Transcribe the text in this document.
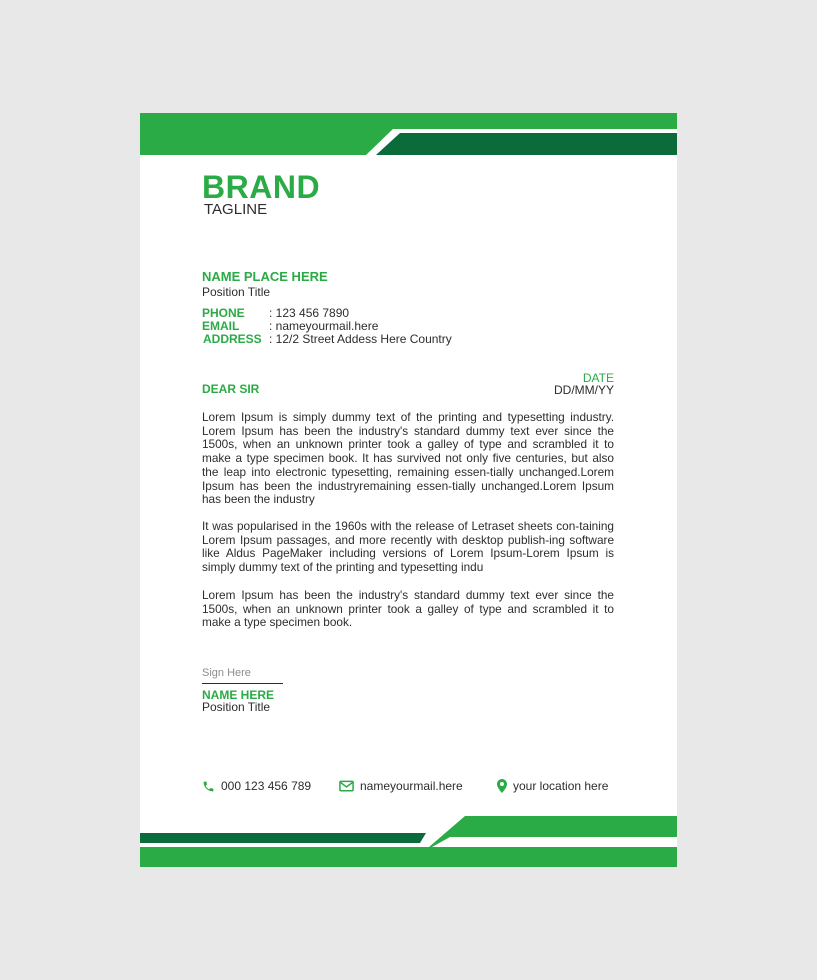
BRAND
TAGLINE
NAME PLACE HERE
Position Title
PHONE : 123 456 7890
EMAIL : nameyourmail.here
ADDRESS : 12/2 Street Addess Here Country
DEAR SIR
DATE
DD/MM/YY

Lorem Ipsum is simply dummy text of the printing and typesetting industry. Lorem Ipsum has been the industry's standard dummy text ever since the 1500s, when an unknown printer took a galley of type and scrambled it to make a type specimen book. It has survived not only five centuries, but also the leap into electronic typesetting, remaining essen-tially unchanged.Lorem Ipsum has been the industryremaining essen-tially unchanged.Lorem Ipsum has been the industry

It was popularised in the 1960s with the release of Letraset sheets con-taining Lorem Ipsum passages, and more recently with desktop publish-ing software like Aldus PageMaker including versions of Lorem Ipsum-Lorem Ipsum is simply dummy text of the printing and typesetting indu

Lorem Ipsum has been the industry's standard dummy text ever since the 1500s, when an unknown printer took a galley of type and scrambled it to make a type specimen book.

Sign Here
NAME HERE
Position Title
000 123 456 789	nameyourmail.here	your location here
